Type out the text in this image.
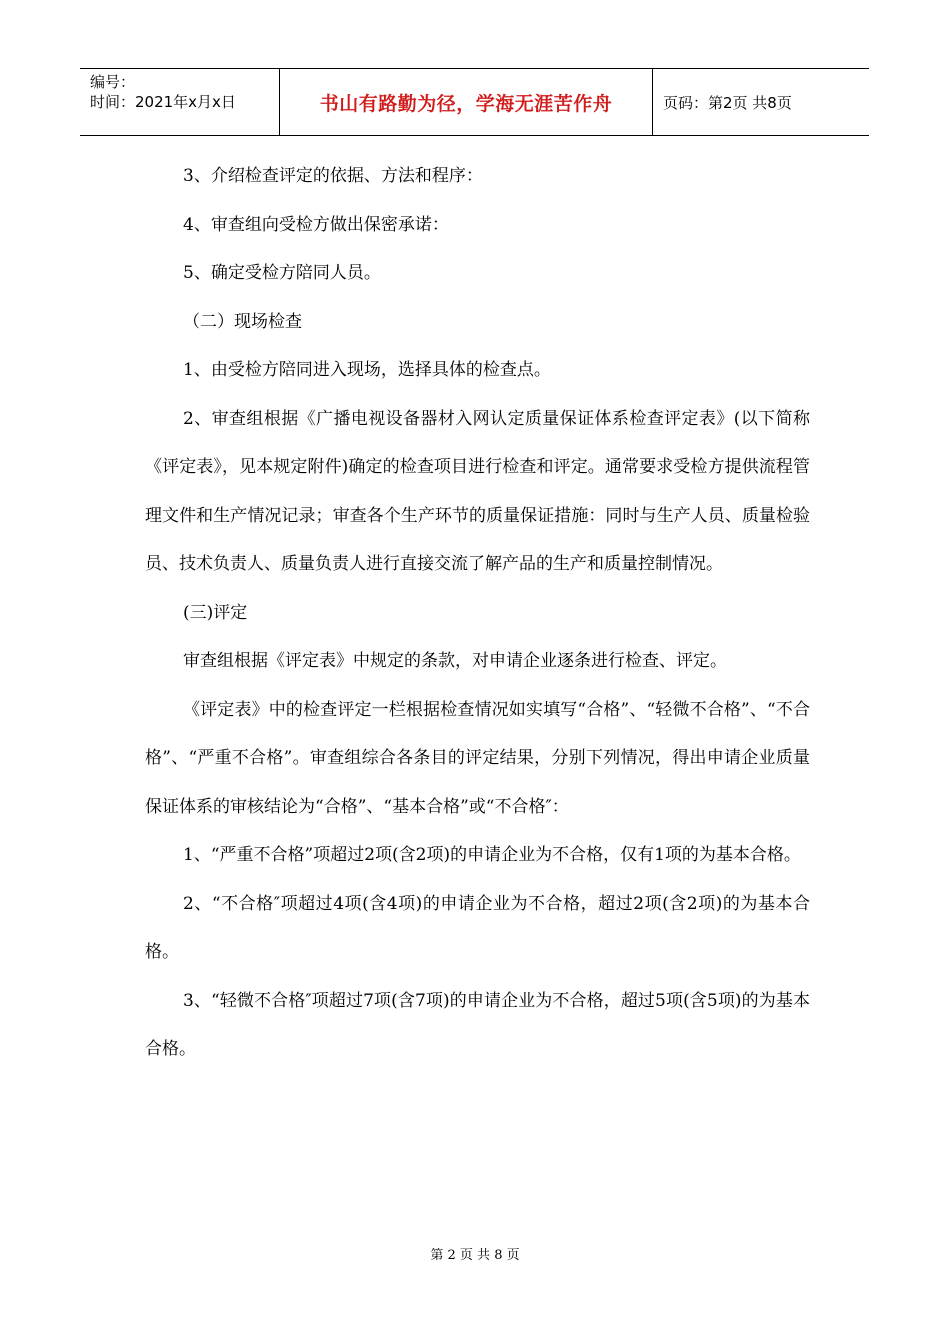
编号：
时间：2021年x月x日	书山有路勤为径，学海无涯苦作舟	页码：第2页 共8页

3、介绍检查评定的依据、方法和程序：

4、审查组向受检方做出保密承诺：

5、确定受检方陪同人员。

（二）现场检查

1、由受检方陪同进入现场，选择具体的检查点。

2、审查组根据《广播电视设备器材入网认定质量保证体系检查评定表》(以下简称《评定表》，见本规定附件)确定的检查项目进行检查和评定。通常要求受检方提供流程管理文件和生产情况记录；审查各个生产环节的质量保证措施：同时与生产人员、质量检验员、技术负责人、质量负责人进行直接交流了解产品的生产和质量控制情况。

(三)评定

审查组根据《评定表》中规定的条款，对申请企业逐条进行检查、评定。

《评定表》中的检查评定一栏根据检查情况如实填写“合格”、“轻微不合格”、“不合格”、“严重不合格”。审查组综合各条目的评定结果，分别下列情况，得出申请企业质量保证体系的审核结论为“合格”、“基本合格”或“不合格″：

1、“严重不合格”项超过2项(含2项)的申请企业为不合格，仅有1项的为基本合格。

2、“不合格″项超过4项(含4项)的申请企业为不合格，超过2项(含2项)的为基本合格。

3、“轻微不合格″项超过7项(含7项)的申请企业为不合格，超过5项(含5项)的为基本合格。

第 2 页 共 8 页
